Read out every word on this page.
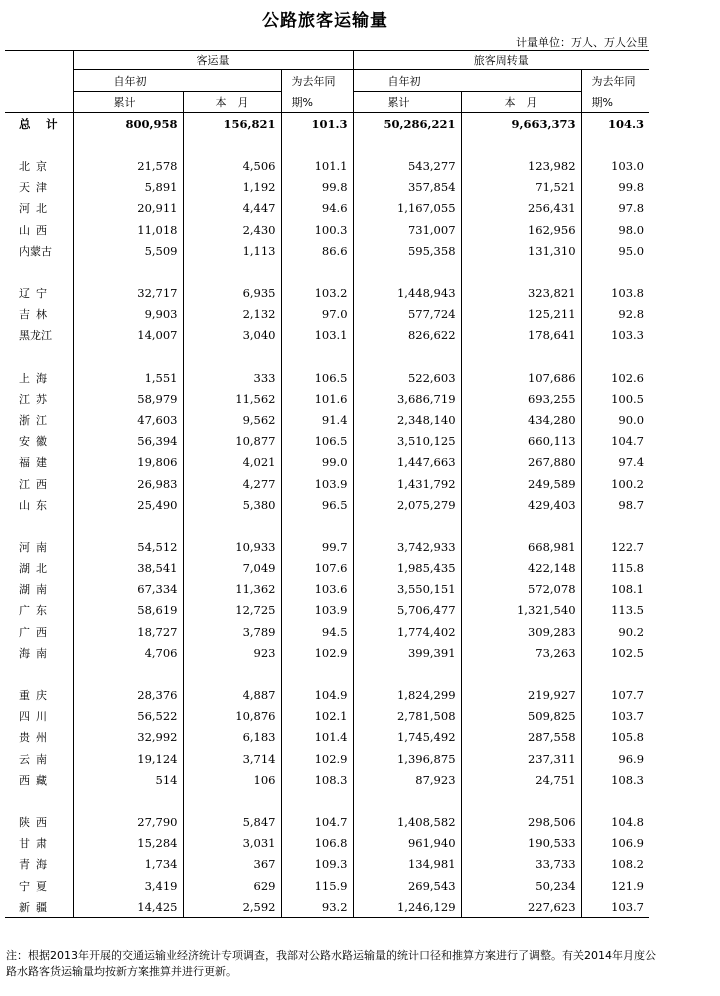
公路旅客运输量
计量单位：万人、万人公里
	客运量			旅客周转量		
	自年初		为去年同	自年初		为去年同
	累计	本　月	期%	累计	本　月	期%
总　计	800,958	156,821	101.3	50,286,221	9,663,373	104.3

北京	21,578	4,506	101.1	543,277	123,982	103.0
天津	5,891	1,192	99.8	357,854	71,521	99.8
河北	20,911	4,447	94.6	1,167,055	256,431	97.8
山西	11,018	2,430	100.3	731,007	162,956	98.0
内蒙古	5,509	1,113	86.6	595,358	131,310	95.0

辽宁	32,717	6,935	103.2	1,448,943	323,821	103.8
吉林	9,903	2,132	97.0	577,724	125,211	92.8
黑龙江	14,007	3,040	103.1	826,622	178,641	103.3

上海	1,551	333	106.5	522,603	107,686	102.6
江苏	58,979	11,562	101.6	3,686,719	693,255	100.5
浙江	47,603	9,562	91.4	2,348,140	434,280	90.0
安徽	56,394	10,877	106.5	3,510,125	660,113	104.7
福建	19,806	4,021	99.0	1,447,663	267,880	97.4
江西	26,983	4,277	103.9	1,431,792	249,589	100.2
山东	25,490	5,380	96.5	2,075,279	429,403	98.7

河南	54,512	10,933	99.7	3,742,933	668,981	122.7
湖北	38,541	7,049	107.6	1,985,435	422,148	115.8
湖南	67,334	11,362	103.6	3,550,151	572,078	108.1
广东	58,619	12,725	103.9	5,706,477	1,321,540	113.5
广西	18,727	3,789	94.5	1,774,402	309,283	90.2
海南	4,706	923	102.9	399,391	73,263	102.5

重庆	28,376	4,887	104.9	1,824,299	219,927	107.7
四川	56,522	10,876	102.1	2,781,508	509,825	103.7
贵州	32,992	6,183	101.4	1,745,492	287,558	105.8
云南	19,124	3,714	102.9	1,396,875	237,311	96.9
西藏	514	106	108.3	87,923	24,751	108.3

陕西	27,790	5,847	104.7	1,408,582	298,506	104.8
甘肃	15,284	3,031	106.8	961,940	190,533	106.9
青海	1,734	367	109.3	134,981	33,733	108.2
宁夏	3,419	629	115.9	269,543	50,234	121.9
新疆	14,425	2,592	93.2	1,246,129	227,623	103.7
注：根据2013年开展的交通运输业经济统计专项调查，我部对公路水路运输量的统计口径和推算方案进行了调整。有关2014年月度公路水路客货运输量均按新方案推算并进行更新。
